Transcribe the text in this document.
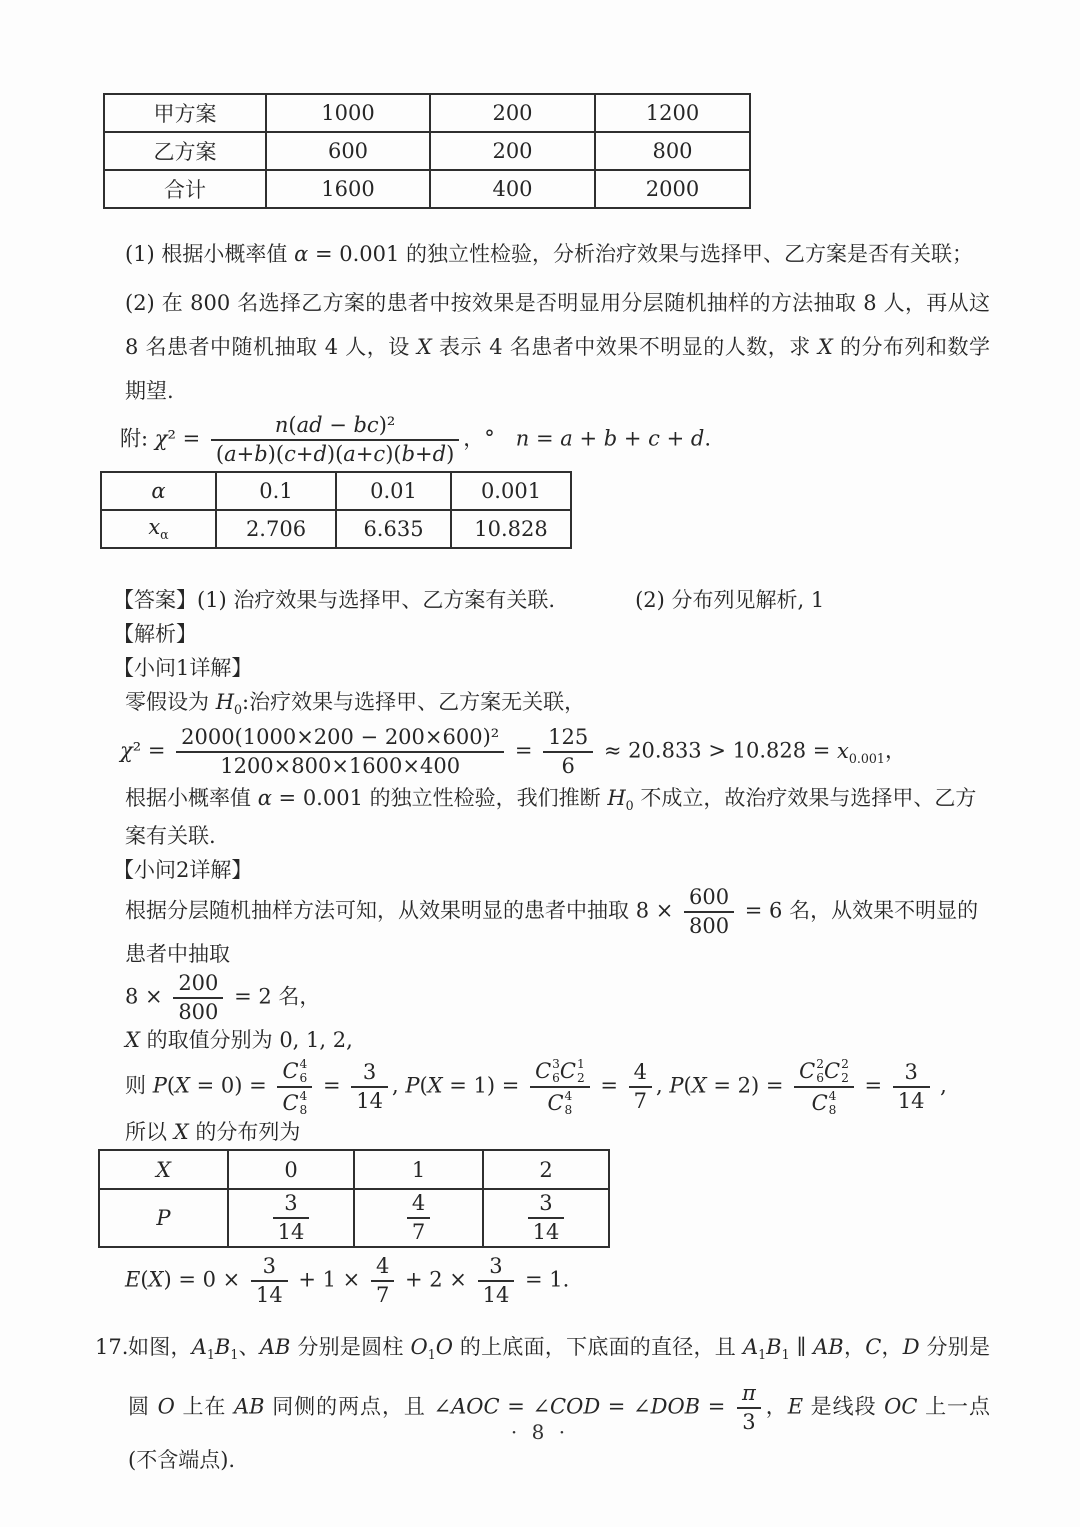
甲方案	1000	200	1200
乙方案	600	200	800
合计	1600	400	2000
(1) 根据小概率值 α = 0.001 的独立性检验，分析治疗效果与选择甲、乙方案是否有关联；
(2) 在 800 名选择乙方案的患者中按效果是否明显用分层随机抽样的方法抽取 8 人，再从这 8 名患者中随机抽取 4 人，设 X 表示 4 名患者中效果不明显的人数，求 X 的分布列和数学期望.
附: $\chi^2 = \frac{\text{n(ad − bc)²}}{(a+b)(c+d)(a+c)(b+d)}$ ，°　n = a + b + c + d.
α	0.1	0.01	0.001
$x_\alpha$	2.706	6.635	10.828
【答案】(1) 治疗效果与选择甲、乙方案有关联.	(2) 分布列见解析, 1
【解析】
【小问1详解】
零假设为 $H_0$:治疗效果与选择甲、乙方案无关联，
$\chi^2 = \frac{\text{2000(1000×200 − 200×600)²}}{1200\times 800\times 1600\times 400} = \frac{125}{6} \approx 20.833 > 10.828 = x_{0.001}$，
根据小概率值 α = 0.001 的独立性检验，我们推断 $H_0$ 不成立，故治疗效果与选择甲、乙方案有关联.
【小问2详解】
根据分层随机抽样方法可知，从效果明显的患者中抽取 $8 \times \frac{600}{800} = 6$ 名，从效果不明显的患者中抽取
$8 \times \frac{200}{800} = 2$ 名，
X 的取值分别为 0, 1, 2,
则 P(X = 0) = C 4
6
C 4
$8 = \frac{3}{14}$ , P(X = 1) = C 3
6 C 1
2
C 4
$8 = \frac{4}{7}$ , P(X = 2) = C 2
6 C 2
2
C 4
$8 = \frac{3}{14}$ ,
所以 X 的分布列为
X	0	1	2
P	$\frac{3}{14}$	$\frac{4}{7}$	$\frac{3}{14}$
$E(X) = 0 \times \frac{3}{14} + 1 \times \frac{4}{7} + 2 \times \frac{3}{14} = 1$.
17. 如图，$A_1B_1$、AB 分别是圆柱 $O_1O$ 的上底面，下底面的直径，且 $A_1B_1$ ∥ AB，C，D 分别是圆 O 上在 AB 同侧的两点，且 ∠AOC = ∠COD = ∠DOB = $\frac{\pi}{3}$ ，E 是线段 OC 上一点 (不含端点).
· 8 ·
